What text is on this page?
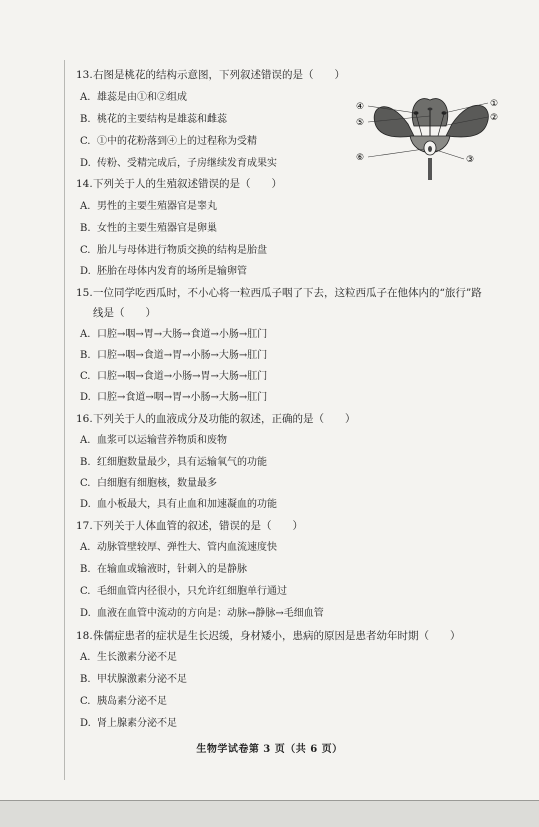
13.右图是桃花的结构示意图，下列叙述错误的是（　　）
A. 雄蕊是由①和②组成
B. 桃花的主要结构是雄蕊和雌蕊
C. ①中的花粉落到④上的过程称为受精
D. 传粉、受精完成后，子房继续发育成果实
①
②
③
④
⑤
⑥
14.下列关于人的生殖叙述错误的是（　　）
A. 男性的主要生殖器官是睾丸
B. 女性的主要生殖器官是卵巢
C. 胎儿与母体进行物质交换的结构是胎盘
D. 胚胎在母体内发育的场所是输卵管
15.一位同学吃西瓜时，不小心将一粒西瓜子咽了下去，这粒西瓜子在他体内的“旅行”路
线是（　　）
A. 口腔→咽→胃→大肠→食道→小肠→肛门
B. 口腔→咽→食道→胃→小肠→大肠→肛门
C. 口腔→咽→食道→小肠→胃→大肠→肛门
D. 口腔→食道→咽→胃→小肠→大肠→肛门
16.下列关于人的血液成分及功能的叙述，正确的是（　　）
A. 血浆可以运输营养物质和废物
B. 红细胞数量最少，具有运输氧气的功能
C. 白细胞有细胞核，数量最多
D. 血小板最大，具有止血和加速凝血的功能
17.下列关于人体血管的叙述，错误的是（　　）
A. 动脉管壁较厚、弹性大、管内血流速度快
B. 在输血或输液时，针刺入的是静脉
C. 毛细血管内径很小，只允许红细胞单行通过
D. 血液在血管中流动的方向是：动脉→静脉→毛细血管
18.侏儒症患者的症状是生长迟缓，身材矮小，患病的原因是患者幼年时期（　　）
A. 生长激素分泌不足
B. 甲状腺激素分泌不足
C. 胰岛素分泌不足
D. 肾上腺素分泌不足
生物学试卷第 3 页（共 6 页）
